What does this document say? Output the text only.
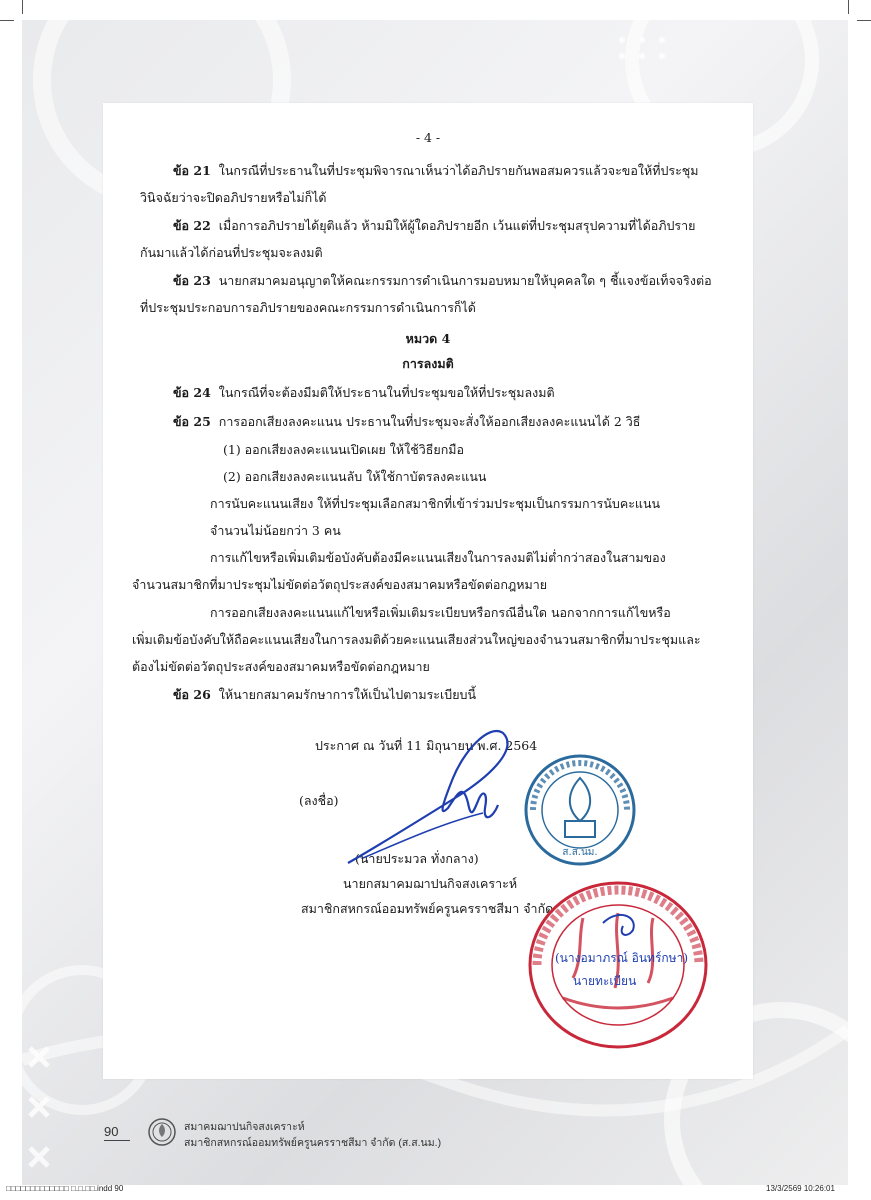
- 4 -
ข้อ 21 ในกรณีที่ประธานในที่ประชุมพิจารณาเห็นว่าได้อภิปรายกันพอสมควรแล้วจะขอให้ที่ประชุม
วินิจฉัยว่าจะปิดอภิปรายหรือไม่ก็ได้
ข้อ 22 เมื่อการอภิปรายได้ยุติแล้ว ห้ามมิให้ผู้ใดอภิปรายอีก เว้นแต่ที่ประชุมสรุปความที่ได้อภิปราย
กันมาแล้วได้ก่อนที่ประชุมจะลงมติ
ข้อ 23 นายกสมาคมอนุญาตให้คณะกรรมการดำเนินการมอบหมายให้บุคคลใด ๆ ชี้แจงข้อเท็จจริงต่อ
ที่ประชุมประกอบการอภิปรายของคณะกรรมการดำเนินการก็ได้
หมวด 4
การลงมติ
ข้อ 24 ในกรณีที่จะต้องมีมติให้ประธานในที่ประชุมขอให้ที่ประชุมลงมติ
ข้อ 25 การออกเสียงลงคะแนน ประธานในที่ประชุมจะสั่งให้ออกเสียงลงคะแนนได้ 2 วิธี
(1) ออกเสียงลงคะแนนเปิดเผย ให้ใช้วิธียกมือ
(2) ออกเสียงลงคะแนนลับ ให้ใช้กาบัตรลงคะแนน
การนับคะแนนเสียง ให้ที่ประชุมเลือกสมาชิกที่เข้าร่วมประชุมเป็นกรรมการนับคะแนน
จำนวนไม่น้อยกว่า 3 คน
การแก้ไขหรือเพิ่มเติมข้อบังคับต้องมีคะแนนเสียงในการลงมติไม่ต่ำกว่าสองในสามของ
จำนวนสมาชิกที่มาประชุมไม่ขัดต่อวัตถุประสงค์ของสมาคมหรือขัดต่อกฎหมาย
การออกเสียงลงคะแนนแก้ไขหรือเพิ่มเติมระเบียบหรือกรณีอื่นใด นอกจากการแก้ไขหรือ
เพิ่มเติมข้อบังคับให้ถือคะแนนเสียงในการลงมติด้วยคะแนนเสียงส่วนใหญ่ของจำนวนสมาชิกที่มาประชุมและ
ต้องไม่ขัดต่อวัตถุประสงค์ของสมาคมหรือขัดต่อกฎหมาย
ข้อ 26 ให้นายกสมาคมรักษาการให้เป็นไปตามระเบียบนี้
ประกาศ ณ วันที่ 11 มิถุนายน พ.ศ. 2564
(ลงชื่อ)
(นายประมวล ทั่งกลาง)
นายกสมาคมฌาปนกิจสงเคราะห์
สมาชิกสหกรณ์ออมทรัพย์ครูนครราชสีมา จำกัด
ส.ส.นม.
(นางอมาภรณ์ อินทร์กษา)
นายทะเบียน
90	สมาคมฌาปนกิจสงเคราะห์
สมาชิกสหกรณ์ออมทรัพย์ครูนครราชสีมา จำกัด (ส.ส.นม.)
□□□□□□□□□□□□□ □.□.□□.indd 90	13/3/2569 10:26:01
